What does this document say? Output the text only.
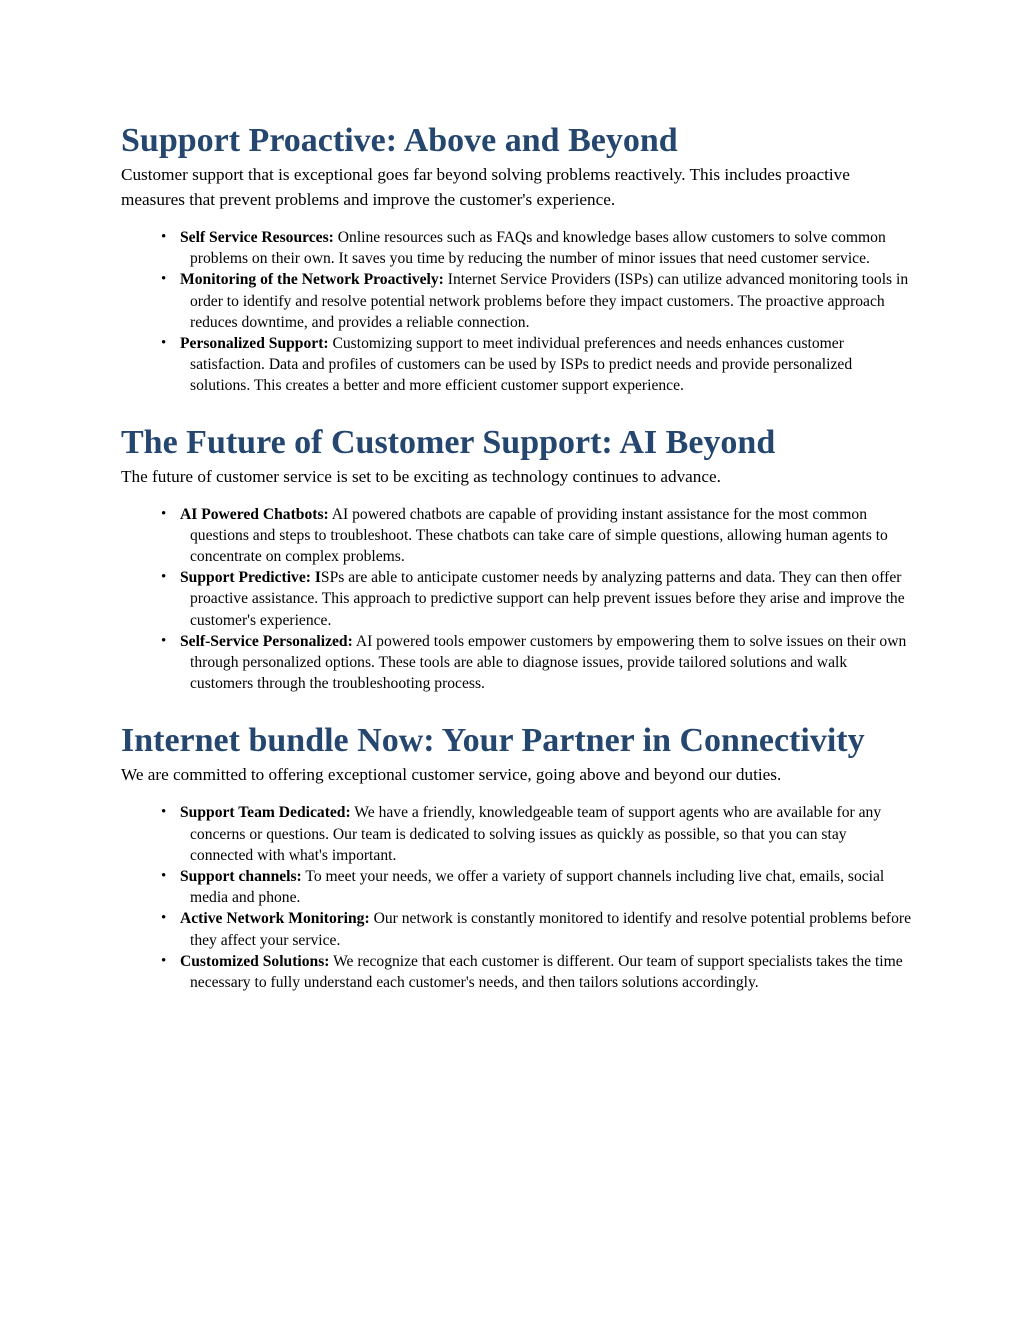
Support Proactive: Above and Beyond

Customer support that is exceptional goes far beyond solving problems reactively. This includes proactive measures that prevent problems and improve the customer's experience.

• Self Service Resources: Online resources such as FAQs and knowledge bases allow customers to solve common problems on their own. It saves you time by reducing the number of minor issues that need customer service.
• Monitoring of the Network Proactively: Internet Service Providers (ISPs) can utilize advanced monitoring tools in order to identify and resolve potential network problems before they impact customers. The proactive approach reduces downtime, and provides a reliable connection.
• Personalized Support: Customizing support to meet individual preferences and needs enhances customer satisfaction. Data and profiles of customers can be used by ISPs to predict needs and provide personalized solutions. This creates a better and more efficient customer support experience.
The Future of Customer Support: AI Beyond

The future of customer service is set to be exciting as technology continues to advance.

• AI Powered Chatbots: AI powered chatbots are capable of providing instant assistance for the most common questions and steps to troubleshoot. These chatbots can take care of simple questions, allowing human agents to concentrate on complex problems.
• Support Predictive: ISPs are able to anticipate customer needs by analyzing patterns and data. They can then offer proactive assistance. This approach to predictive support can help prevent issues before they arise and improve the customer's experience.
• Self-Service Personalized: AI powered tools empower customers by empowering them to solve issues on their own through personalized options. These tools are able to diagnose issues, provide tailored solutions and walk customers through the troubleshooting process.
Internet bundle Now: Your Partner in Connectivity

We are committed to offering exceptional customer service, going above and beyond our duties.

• Support Team Dedicated: We have a friendly, knowledgeable team of support agents who are available for any concerns or questions. Our team is dedicated to solving issues as quickly as possible, so that you can stay connected with what's important.
• Support channels: To meet your needs, we offer a variety of support channels including live chat, emails, social media and phone.
• Active Network Monitoring: Our network is constantly monitored to identify and resolve potential problems before they affect your service.
• Customized Solutions: We recognize that each customer is different. Our team of support specialists takes the time necessary to fully understand each customer's needs, and then tailors solutions accordingly.
